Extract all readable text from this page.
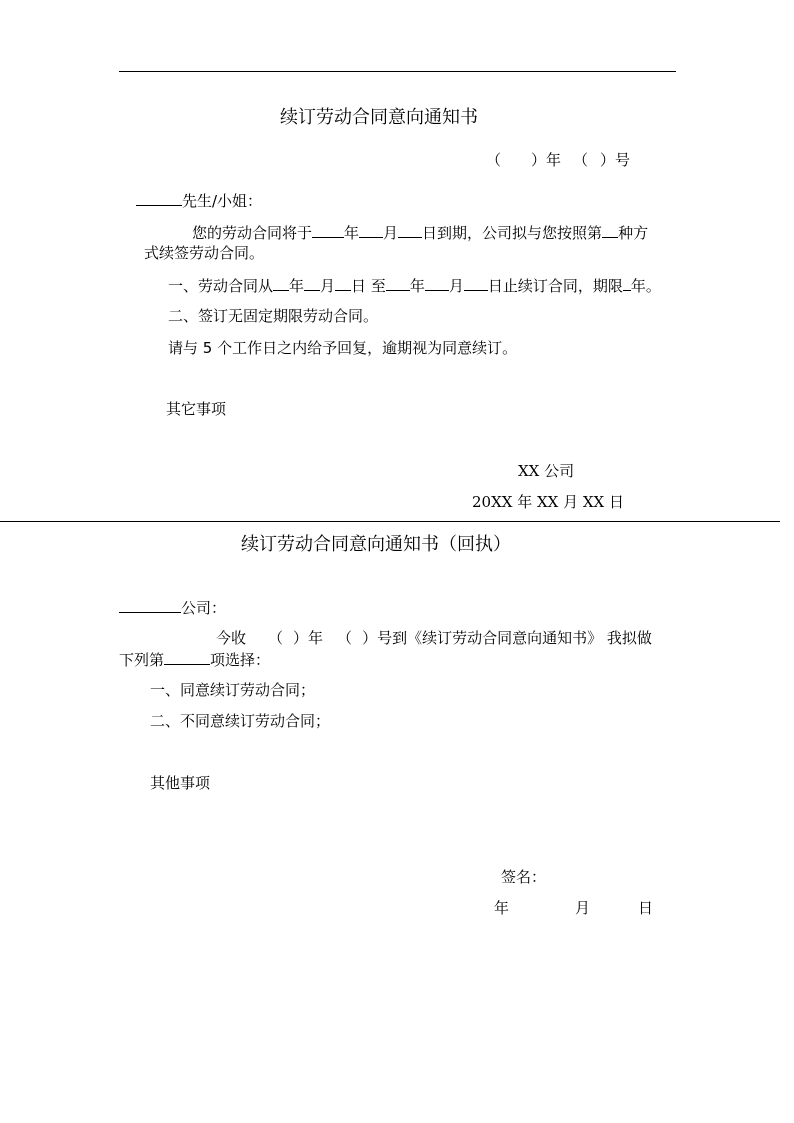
续订劳动合同意向通知书
（ ）年 （ ）号
先生/小姐：
您的劳动合同将于 年 月 日到期，公司拟与您按照第 种方
式续签劳动合同。
一、劳动合同从 年 月 日 至 年 月 日止续订合同，期限 年。
二、签订无固定期限劳动合同。
请与 5 个工作日之内给予回复，逾期视为同意续订。
其它事项
XX 公司
20XX 年 XX 月 XX 日
续订劳动合同意向通知书（回执）
公司：
今收 （ ）年 （ ）号到《续订劳动合同意向通知书》 我拟做
下列第	项选择：
一、同意续订劳动合同；
二、不同意续订劳动合同；
其他事项
签名：
年	月	日
